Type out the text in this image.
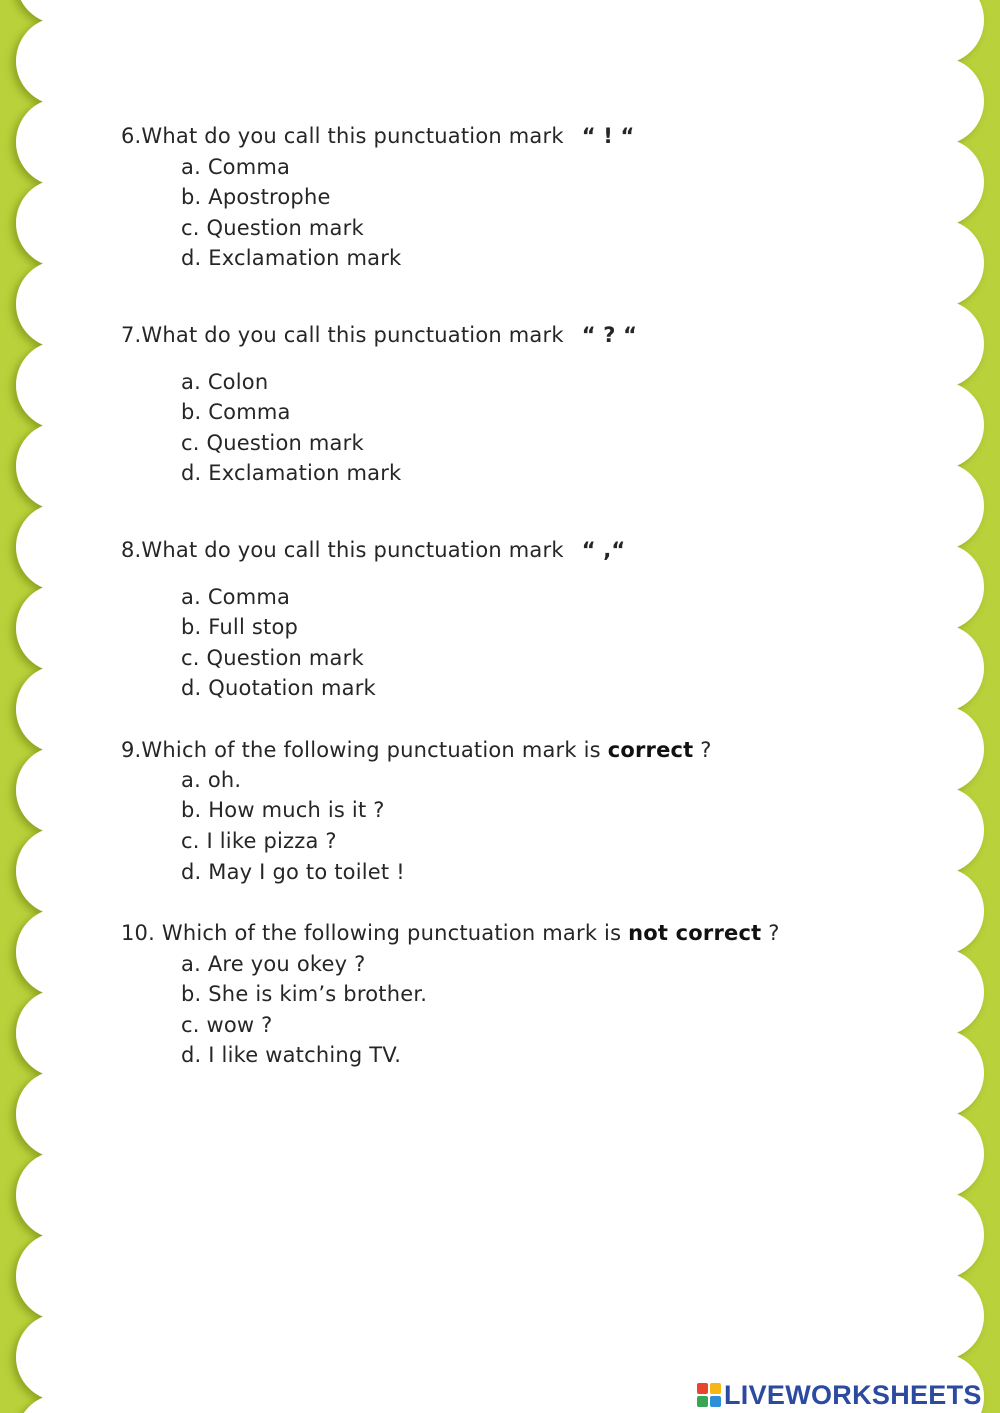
6.What do you call this punctuation mark “ ! “
a. Comma
b. Apostrophe
c. Question mark
d. Exclamation mark
7.What do you call this punctuation mark “ ? “
a. Colon
b. Comma
c. Question mark
d. Exclamation mark
8.What do you call this punctuation mark “ ,“
a. Comma
b. Full stop
c. Question mark
d. Quotation mark
9.Which of the following punctuation mark is correct ?
a. oh.
b. How much is it ?
c. I like pizza ?
d. May I go to toilet !
10. Which of the following punctuation mark is not correct ?
a. Are you okey ?
b. She is kim’s brother.
c. wow ?
d. I like watching TV.
LIVEWORKSHEETS
